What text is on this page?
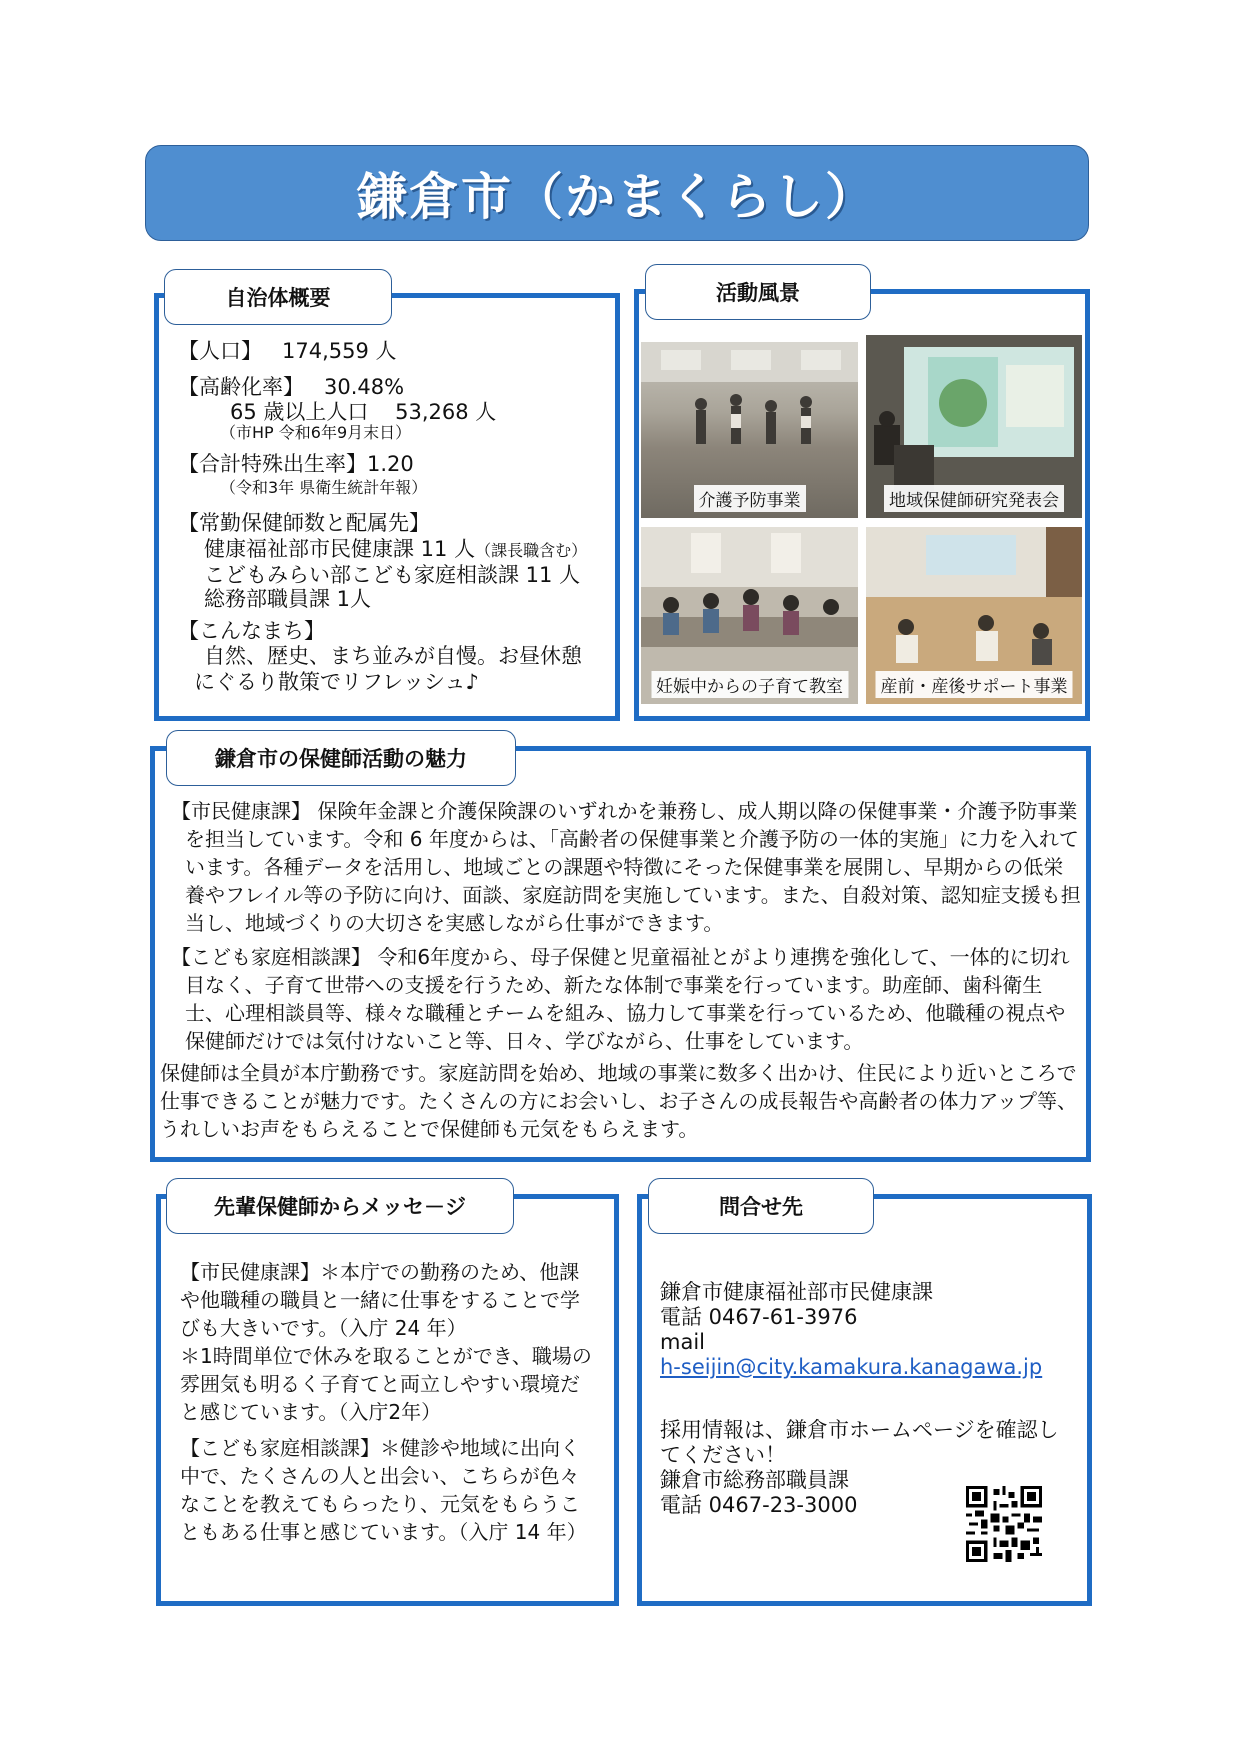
鎌倉市（かまくらし）
自治体概要

【人口】 174,559 人

【高齢化率】 30.48%

65 歳以上人口 53,268 人

（市HP 令和6年9月末日）

【合計特殊出生率】1.20

（令和3年 県衛生統計年報）

【常勤保健師数と配属先】

健康福祉部市民健康課 11 人（課長職含む）

こどもみらい部こども家庭相談課 11 人

総務部職員課 1人

【こんなまち】

自然、歴史、まち並みが自慢。お昼休憩にぐるり散策でリフレッシュ♪

活動風景
介護予防事業	地域保健師研究発表会
妊娠中からの子育て教室 産前・産後サポート事業
鎌倉市の保健師活動の魅力

【市民健康課】 保険年金課と介護保険課のいずれかを兼務し、成人期以降の保健事業・介護予防事業を担当しています。令和 6 年度からは、「高齢者の保健事業と介護予防の一体的実施」に力を入れています。各種データを活用し、地域ごとの課題や特徴にそった保健事業を展開し、早期からの低栄養やフレイル等の予防に向け、面談、家庭訪問を実施しています。また、自殺対策、認知症支援も担当し、地域づくりの大切さを実感しながら仕事ができます。

【こども家庭相談課】 令和6年度から、母子保健と児童福祉とがより連携を強化して、一体的に切れ目なく、子育て世帯への支援を行うため、新たな体制で事業を行っています。助産師、歯科衛生士、心理相談員等、様々な職種とチームを組み、協力して事業を行っているため、他職種の視点や保健師だけでは気付けないこと等、日々、学びながら、仕事をしています。

保健師は全員が本庁勤務です。家庭訪問を始め、地域の事業に数多く出かけ、住民により近いところで仕事できることが魅力です。たくさんの方にお会いし、お子さんの成長報告や高齢者の体力アップ等、うれしいお声をもらえることで保健師も元気をもらえます。

先輩保健師からメッセ－ジ

【市民健康課】＊本庁での勤務のため、他課や他職種の職員と一緒に仕事をすることで学びも大きいです。（入庁 24 年）

＊1時間単位で休みを取ることができ、職場の雰囲気も明るく子育てと両立しやすい環境だと感じています。（入庁2年）

【こども家庭相談課】＊健診や地域に出向く中で、たくさんの人と出会い、こちらが色々なことを教えてもらったり、元気をもらうこともある仕事と感じています。（入庁 14 年）

問合せ先

鎌倉市健康福祉部市民健康課

電話 0467-61-3976

mail

h-seijin@city.kamakura.kanagawa.jp

採用情報は、鎌倉市ホームページを確認してください！

鎌倉市総務部職員課

電話 0467-23-3000
